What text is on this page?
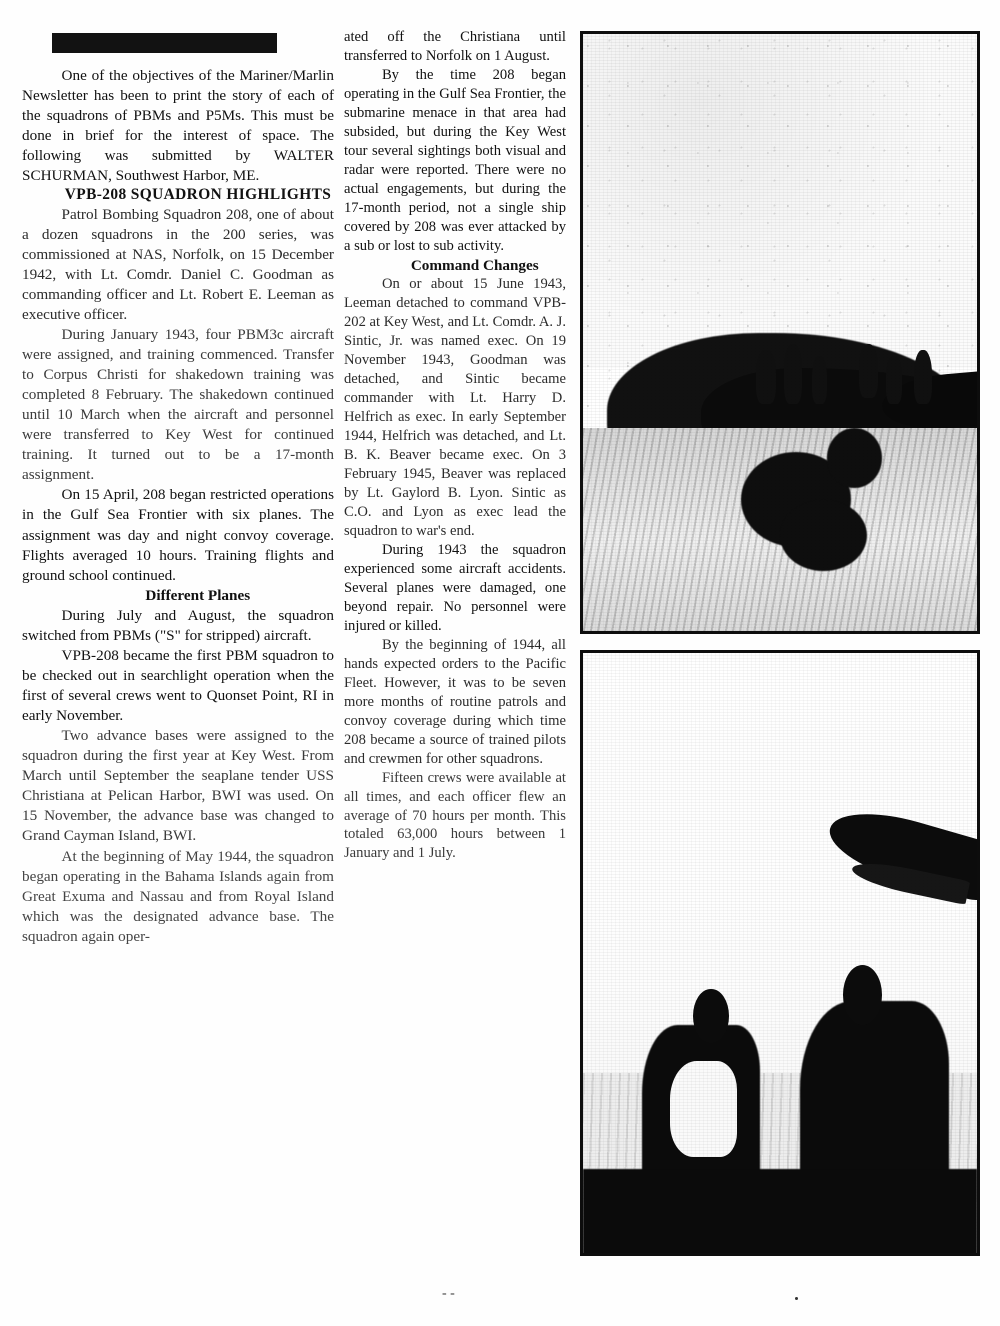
One of the objectives of the Mariner/Marlin Newsletter has been to print the story of each of the squadrons of PBMs and P5Ms. This must be done in brief for the interest of space. The following was submitted by WALTER SCHURMAN, Southwest Harbor, ME.

VPB-208 SQUADRON HIGHLIGHTS

Patrol Bombing Squadron 208, one of about a dozen squadrons in the 200 series, was commissioned at NAS, Norfolk, on 15 December 1942, with Lt. Comdr. Daniel C. Goodman as commanding officer and Lt. Robert E. Leeman as executive officer.

During January 1943, four PBM3c aircraft were assigned, and training commenced. Transfer to Corpus Christi for shakedown training was completed 8 February. The shakedown continued until 10 March when the aircraft and personnel were transferred to Key West for continued training. It turned out to be a 17-month assignment.

On 15 April, 208 began restricted operations in the Gulf Sea Frontier with six planes. The assignment was day and night convoy coverage. Flights averaged 10 hours. Training flights and ground school continued.

Different Planes

During July and August, the squadron switched from PBMs ("S" for stripped) aircraft.

VPB-208 became the first PBM squadron to be checked out in searchlight operation when the first of several crews went to Quonset Point, RI in early November.

Two advance bases were assigned to the squadron during the first year at Key West. From March until September the seaplane tender USS Christiana at Pelican Harbor, BWI was used. On 15 November, the advance base was changed to Grand Cayman Island, BWI.

At the beginning of May 1944, the squadron began operating in the Bahama Islands again from Great Exuma and Nassau and from Royal Island which was the designated advance base. The squadron again oper-

ated off the Christiana until transferred to Norfolk on 1 August.

By the time 208 began operating in the Gulf Sea Frontier, the submarine menace in that area had subsided, but during the Key West tour several sightings both visual and radar were reported. There were no actual engagements, but during the 17-month period, not a single ship covered by 208 was ever attacked by a sub or lost to sub activity.

Command Changes

On or about 15 June 1943, Leeman detached to command VPB-202 at Key West, and Lt. Comdr. A. J. Sintic, Jr. was named exec. On 19 November 1943, Goodman was detached, and Sintic became commander with Lt. Harry D. Helfrich as exec. In early September 1944, Helfrich was detached, and Lt. B. K. Beaver became exec. On 3 February 1945, Beaver was replaced by Lt. Gaylord B. Lyon. Sintic as C.O. and Lyon as exec lead the squadron to war's end.

During 1943 the squadron experienced some aircraft accidents. Several planes were damaged, one beyond repair. No personnel were injured or killed.

By the beginning of 1944, all hands expected orders to the Pacific Fleet. However, it was to be seven more months of routine patrols and convoy coverage during which time 208 became a source of trained pilots and crewmen for other squadrons.

Fifteen crews were available at all times, and each officer flew an average of 70 hours per month. This totaled 63,000 hours between 1 January and 1 July.

- -
